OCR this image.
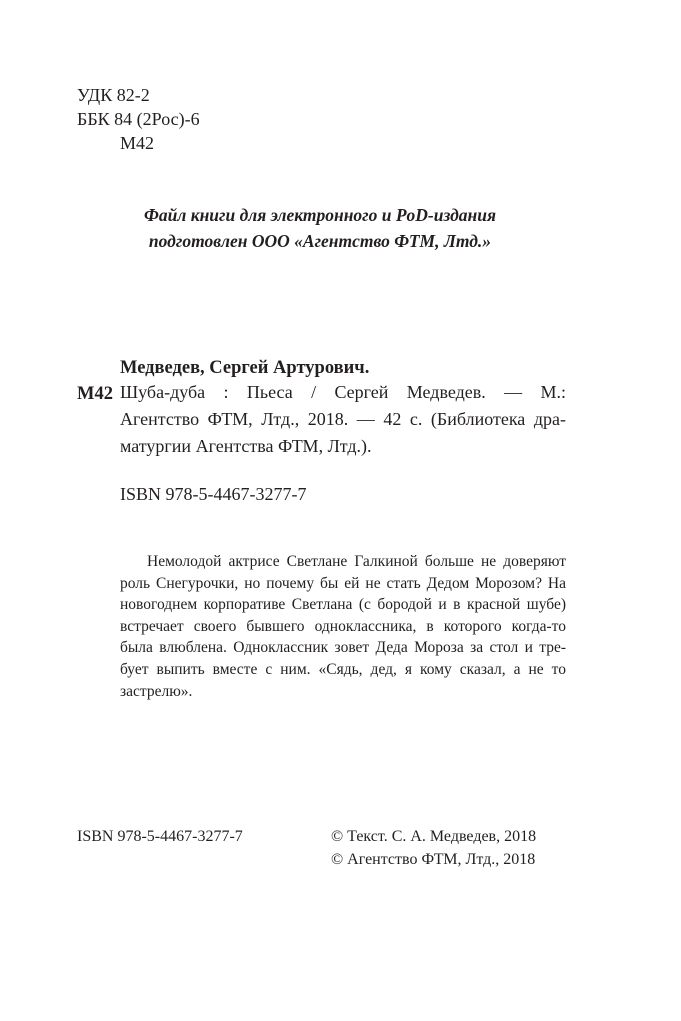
УДК 82-2
ББК 84 (2Рос)-6
М42
Файл книги для электронного и PoD-издания
подготовлен ООО «Агентство ФТМ, Лтд.»
Медведев, Сергей Артурович.
М42 Шуба-дуба : Пьеса / Сергей Медведев. — М.:
Агентство ФТМ, Лтд., 2018. — 42 с. (Библиотека дра-
матургии Агентства ФТМ, Лтд.).
ISBN 978-5-4467-3277-7
Немолодой актрисе Светлане Галкиной больше не доверяют
роль Снегурочки, но почему бы ей не стать Дедом Морозом? На
новогоднем корпоративе Светлана (с бородой и в красной шубе)
встречает своего бывшего одноклассника, в которого когда-то
была влюблена. Одноклассник зовет Деда Мороза за стол и тре-
бует выпить вместе с ним. «Сядь, дед, я кому сказал, а не то
застрелю».
ISBN 978-5-4467-3277-7	© Текст. С. А. Медведев, 2018
© Агентство ФТМ, Лтд., 2018
